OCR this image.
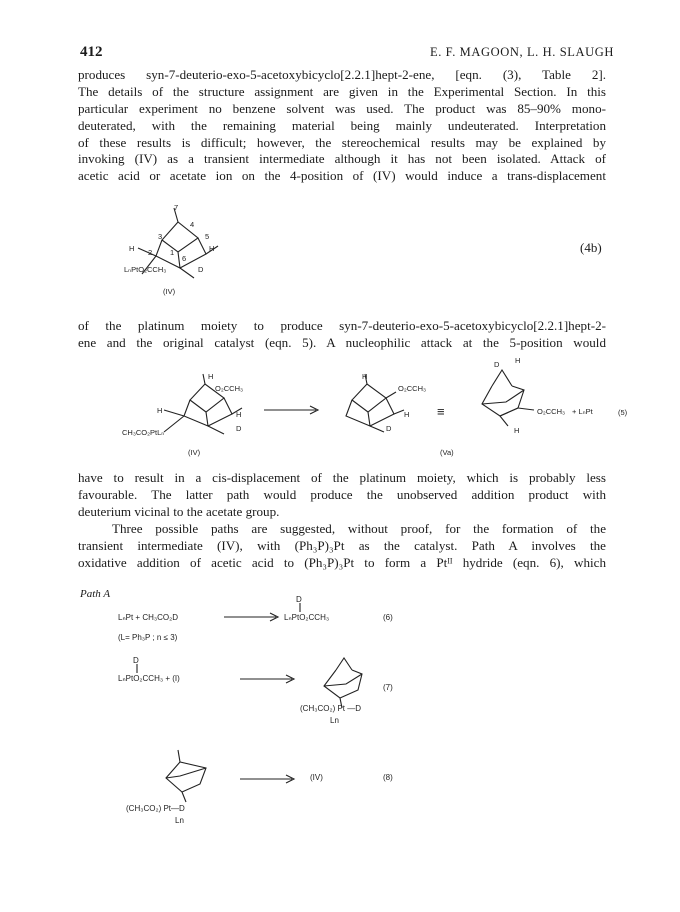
412	E. F. MAGOON, L. H. SLAUGH
produces syn-7-deuterio-exo-5-acetoxybicyclo[2.2.1]hept-2-ene, [eqn. (3), Table 2].
The details of the structure assignment are given in the Experimental Section. In this
particular experiment no benzene solvent was used. The product was 85–90% mono-
deuterated, with the remaining material being mainly undeuterated. Interpretation
of these results is difficult; however, the stereochemical results may be explained by
invoking (IV) as a transient intermediate although it has not been isolated. Attack of
acetic acid or acetate ion on the 4-position of (IV) would induce a trans-displacement
7
3
4
5
2 1
6
H	H
D
LₙPtO₂CCH₃
(IV)
(4b)
of the platinum moiety to produce syn-7-deuterio-exo-5-acetoxybicyclo[2.2.1]hept-2-
ene and the original catalyst (eqn. 5). A nucleophilic attack at the 5-position would
H
O₂CCH₃
H	H
D
CH₃CO₂PtLₙ
(IV)
H
O₂CCH₃
H
D
≡
D H
O₂CCH₃
H
+ LₙPt	(5)
(Va)
have to result in a cis-displacement of the platinum moiety, which is probably less
favourable. The latter path would produce the unobserved addition product with
deuterium vicinal to the acetate group.
Three possible paths are suggested, without proof, for the formation of the
transient intermediate (IV), with (Ph₃P)₃Pt as the catalyst. Path A involves the
oxidative addition of acetic acid to (Ph₃P)₃Pt to form a Ptᴵᴵ hydride (eqn. 6), which
Path A
LₙPt + CH₃CO₂D
D
LₙPtO₂CCH₃	(6)
(L= Ph₃P ; n ≤ 3)
D
LₙPtO₂CCH₃ + (I)
(CH₃CO₂) Pt —D
Ln
(7)
(CH₃CO₂) Pt—D
Ln
(IV)	(8)
